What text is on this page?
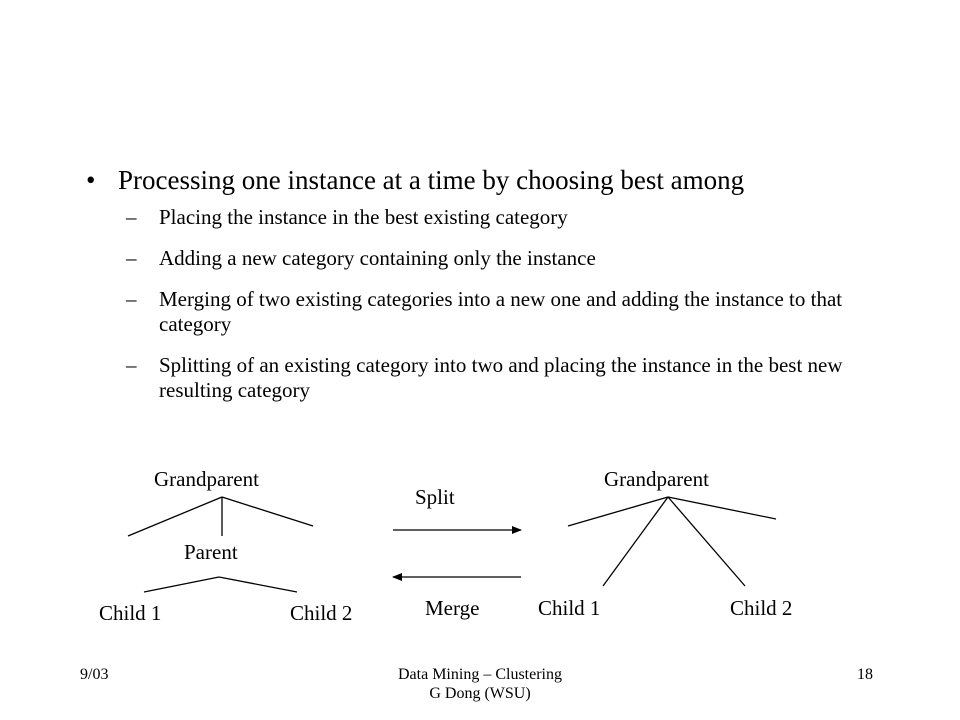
• Processing one instance at a time by choosing best among
– Placing the instance in the best existing category
– Adding a new category containing only the instance
– Merging of two existing categories into a new one and adding the instance to that category
– Splitting of an existing category into two and placing the instance in the best new resulting category
Grandparent
Parent
Child 1	Child 2
Split
Merge
Grandparent
Child 1	Child 2
9/03	Data Mining – Clustering
G Dong (WSU)
18
